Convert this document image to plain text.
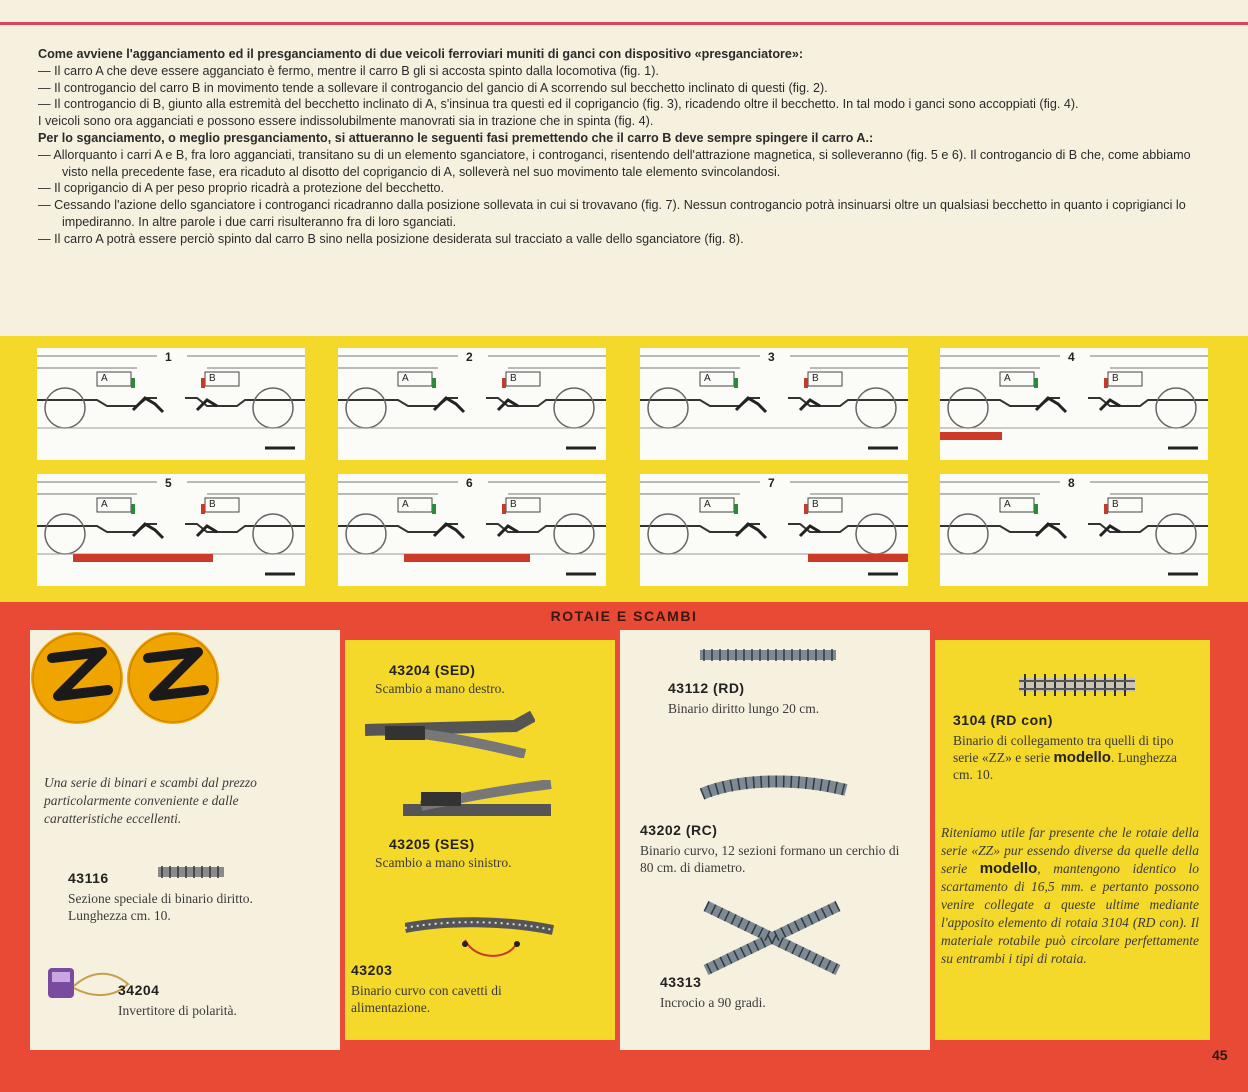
Come avviene l'agganciamento ed il presganciamento di due veicoli ferroviari muniti di ganci con dispositivo «presganciatore»:

— Il carro A che deve essere agganciato è fermo, mentre il carro B gli si accosta spinto dalla locomotiva (fig. 1).

— Il controgancio del carro B in movimento tende a sollevare il controgancio del gancio di A scorrendo sul becchetto inclinato di questi (fig. 2).

— Il controgancio di B, giunto alla estremità del becchetto inclinato di A, s'insinua tra questi ed il coprigancio (fig. 3), ricadendo oltre il becchetto. In tal modo i ganci sono accoppiati (fig. 4).

I veicoli sono ora agganciati e possono essere indissolubilmente manovrati sia in trazione che in spinta (fig. 4).

Per lo sganciamento, o meglio presganciamento, si attueranno le seguenti fasi premettendo che il carro B deve sempre spingere il carro A.:

— Allorquanto i carri A e B, fra loro agganciati, transitano su di un elemento sganciatore, i controganci, risentendo dell'attrazione magnetica, si solleveranno (fig. 5 e 6). Il controgancio di B che, come abbiamo visto nella precedente fase, era ricaduto al disotto del coprigancio di A, solleverà nel suo movimento tale elemento svincolandosi.

— Il coprigancio di A per peso proprio ricadrà a protezione del becchetto.

— Cessando l'azione dello sganciatore i controganci ricadranno dalla posizione sollevata in cui si trovavano (fig. 7). Nessun controgancio potrà insinuarsi oltre un qualsiasi becchetto in quanto i coprigianci lo impediranno. In altre parole i due carri risulteranno fra di loro sganciati.

— Il carro A potrà essere perciò spinto dal carro B sino nella posizione desiderata sul tracciato a valle dello sganciatore (fig. 8).

A	B
1
A	B
2
A	B
3
A	B
4
A	B
5
A	B
6
A	B
7
A	B
8
ROTAIE E SCAMBI
Una serie di binari e scambi dal prezzo particolarmente conveniente e dalle caratteristiche eccellenti.
43116
Sezione speciale di binario diritto. Lunghezza cm. 10.
34204
Invertitore di polarità.
43204 (SED)
Scambio a mano destro.
43205 (SES)
Scambio a mano sinistro.
43203
Binario curvo con cavetti di alimentazione.
43112 (RD)
Binario diritto lungo 20 cm.
43202 (RC)
Binario curvo, 12 sezioni formano un cerchio di 80 cm. di diametro.
43313
Incrocio a 90 gradi.
3104 (RD con)
Binario di collegamento tra quelli di tipo serie «ZZ» e serie modello. Lunghezza cm. 10.
Riteniamo utile far presente che le rotaie della serie «ZZ» pur essendo diverse da quelle della serie modello, mantengono identico lo scartamento di 16,5 mm. e pertanto possono venire collegate a queste ultime mediante l'apposito elemento di rotaia 3104 (RD con). Il materiale rotabile può circolare perfettamente su entrambi i tipi di rotaia.
45
